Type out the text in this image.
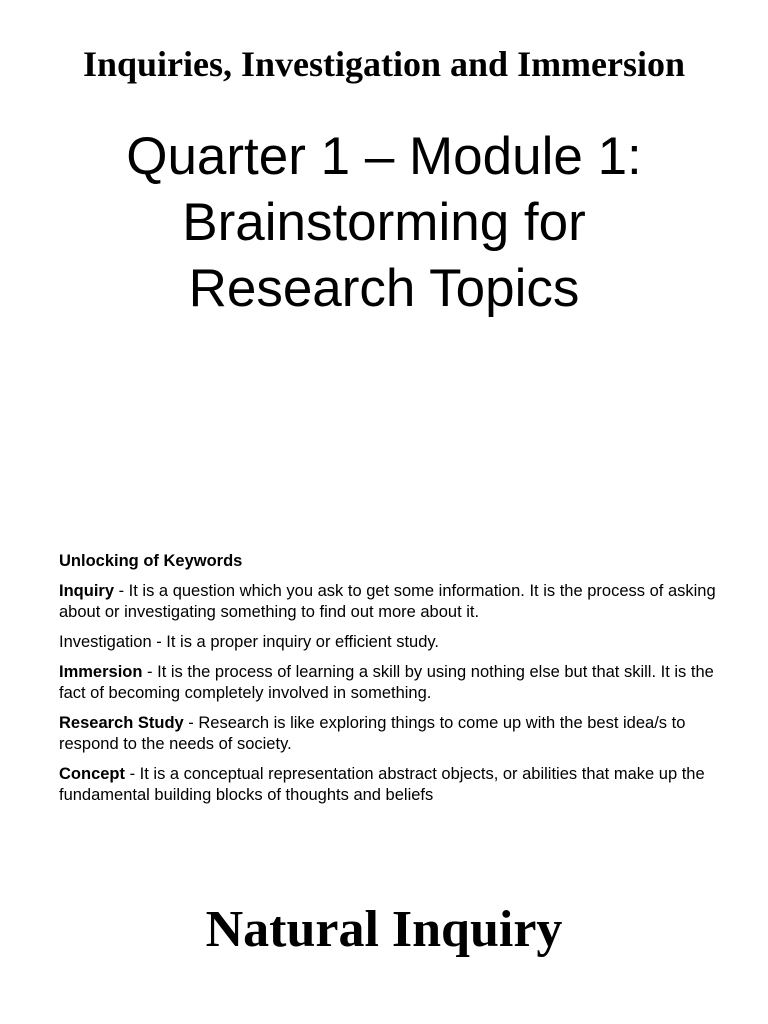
Inquiries, Investigation and Immersion
Quarter 1 – Module 1:
Brainstorming for
Research Topics

Unlocking of Keywords

Inquiry - It is a question which you ask to get some information. It is the process of asking about or investigating something to find out more about it.

Investigation - It is a proper inquiry or efficient study.

Immersion - It is the process of learning a skill by using nothing else but that skill. It is the fact of becoming completely involved in something.

Research Study - Research is like exploring things to come up with the best idea/s to respond to the needs of society.

Concept - It is a conceptual representation abstract objects, or abilities that make up the fundamental building blocks of thoughts and beliefs

Natural Inquiry
